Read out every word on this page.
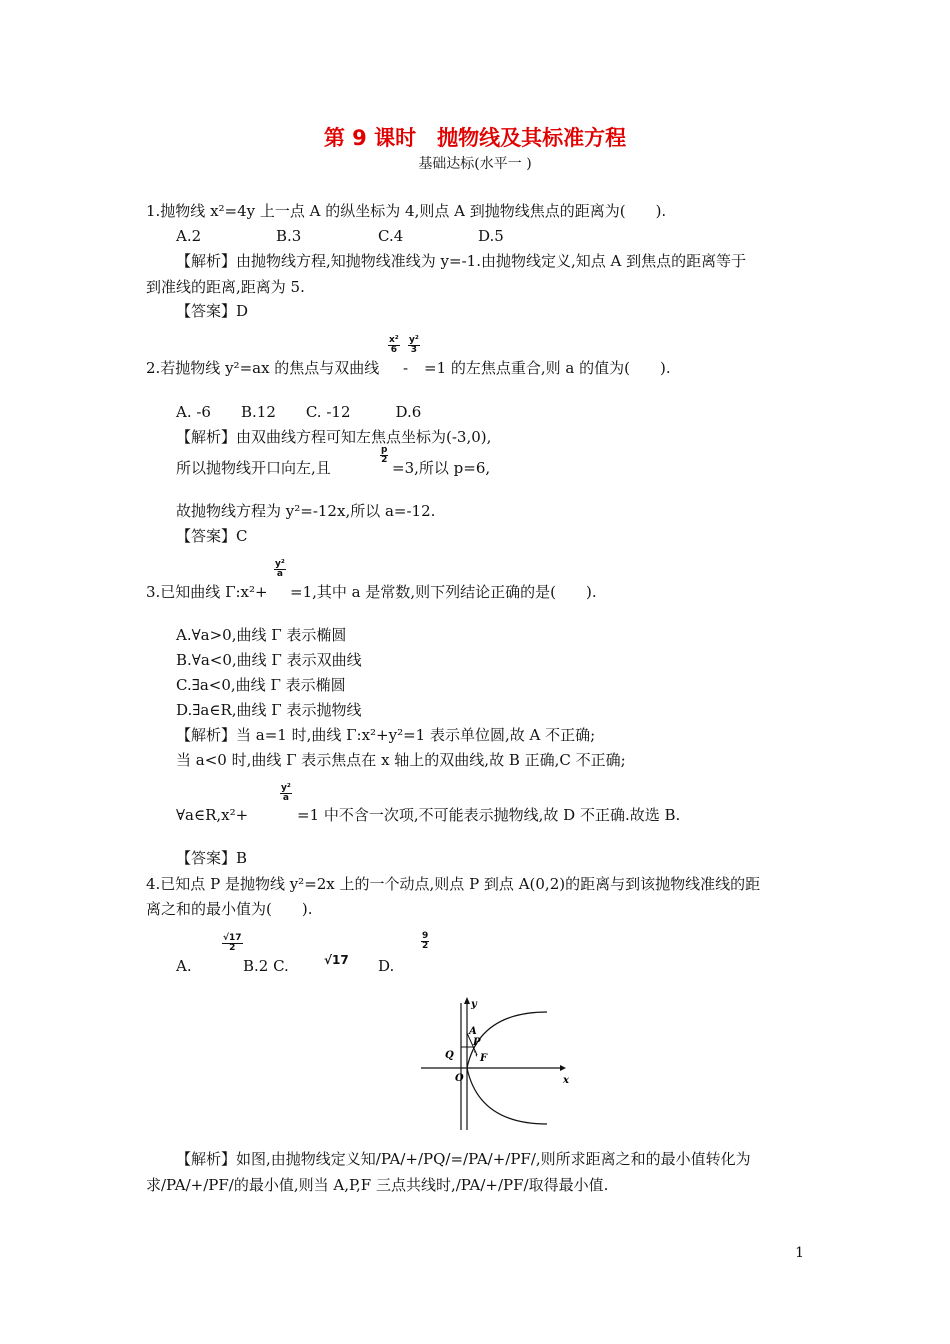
第 9 课时　抛物线及其标准方程
基础达标(水平一 )
1.抛物线 x²=4y 上一点 A 的纵坐标为 4,则点 A 到抛物线焦点的距离为(　　).
A.2	B.3	C.4	D.5
【解析】由抛物线方程,知抛物线准线为 y=-1.由抛物线定义,知点 A 到焦点的距离等于
到准线的距离,距离为 5.
【答案】D
2.若抛物线 y²=ax 的焦点与双曲线
$\frac{\text{x²}}{6} \frac{\text{y²}}{3}$
- =1 的左焦点重合,则 a 的值为(　　).
A. -6　　B.12　　C. -12　　　D.6
【解析】由双曲线方程可知左焦点坐标为(-3,0),
所以抛物线开口向左,且
$\frac{p}{2}$
=3,所以 p=6,
故抛物线方程为 y²=-12x,所以 a=-12.
【答案】C
3.已知曲线 Γ:x²+
$\frac{\text{y²}}{a}$
=1,其中 a 是常数,则下列结论正确的是(　　).
A.∀a>0,曲线 Γ 表示椭圆
B.∀a<0,曲线 Γ 表示双曲线
C.∃a<0,曲线 Γ 表示椭圆
D.∃a∈R,曲线 Γ 表示抛物线
【解析】当 a=1 时,曲线 Γ:x²+y²=1 表示单位圆,故 A 不正确;
当 a<0 时,曲线 Γ 表示焦点在 x 轴上的双曲线,故 B 正确,C 不正确;
∀a∈R,x²+
$\frac{\text{y²}}{a}$
=1 中不含一次项,不可能表示抛物线,故 D 不正确.故选 B.
【答案】B
4.已知点 P 是抛物线 y²=2x 上的一个动点,则点 P 到点 A(0,2)的距离与到该抛物线准线的距
离之和的最小值为(　　).
A.
$\frac{√17}{2}$
B.2 C.	√17 D.
$\frac{9}{2}$
y
x
A
P
Q	F
O
【解析】如图,由抛物线定义知/PA/+/PQ/=/PA/+/PF/,则所求距离之和的最小值转化为
求/PA/+/PF/的最小值,则当 A,P,F 三点共线时,/PA/+/PF/取得最小值.
1
